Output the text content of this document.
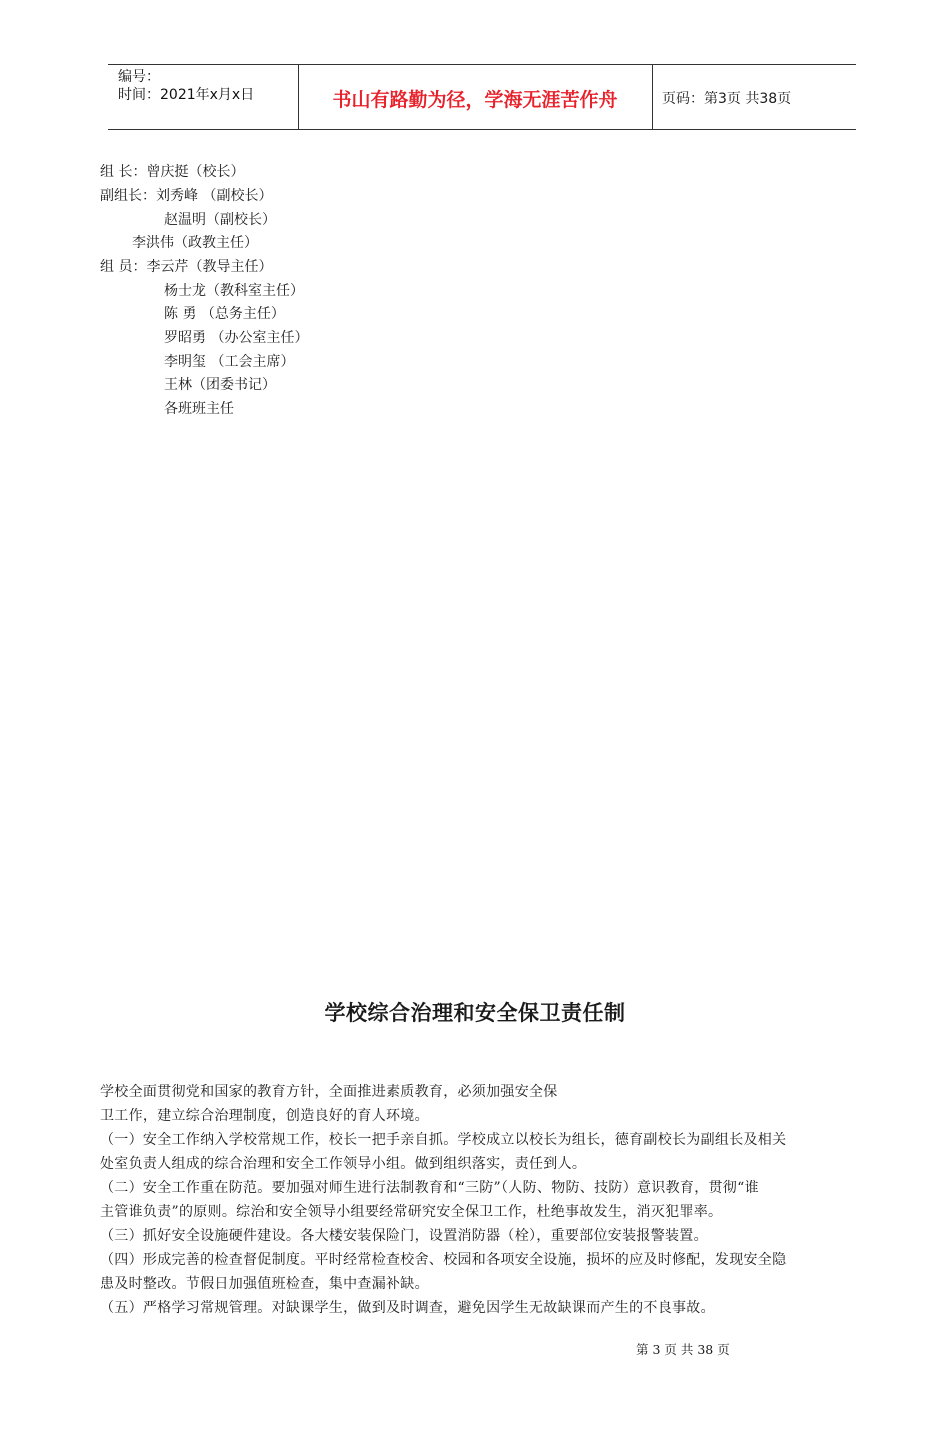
编号：
时间：2021年x月x日	书山有路勤为径，学海无涯苦作舟	页码：第3页 共38页
组 长：曾庆挺（校长）
副组长：刘秀峰 （副校长）
赵温明（副校长）
李洪伟（政教主任）
组 员：李云芹（教导主任）
杨士龙（教科室主任）
陈 勇 （总务主任）
罗昭勇 （办公室主任）
李明玺 （工会主席）
王林（团委书记）
各班班主任
学校综合治理和安全保卫责任制
学校全面贯彻党和国家的教育方针，全面推进素质教育，必须加强安全保
卫工作，建立综合治理制度，创造良好的育人环境。
（一）安全工作纳入学校常规工作，校长一把手亲自抓。学校成立以校长为组长，德育副校长为副组长及相关
处室负责人组成的综合治理和安全工作领导小组。做到组织落实，责任到人。
（二）安全工作重在防范。要加强对师生进行法制教育和“三防”（人防、物防、技防）意识教育，贯彻“谁
主管谁负责”的原则。综治和安全领导小组要经常研究安全保卫工作，杜绝事故发生，消灭犯罪率。
（三）抓好安全设施硬件建设。各大楼安装保险门，设置消防器（栓），重要部位安装报警装置。
（四）形成完善的检查督促制度。平时经常检查校舍、校园和各项安全设施，损坏的应及时修配，发现安全隐
患及时整改。节假日加强值班检查，集中查漏补缺。
（五）严格学习常规管理。对缺课学生，做到及时调查，避免因学生无故缺课而产生的不良事故。
第 3 页 共 38 页
